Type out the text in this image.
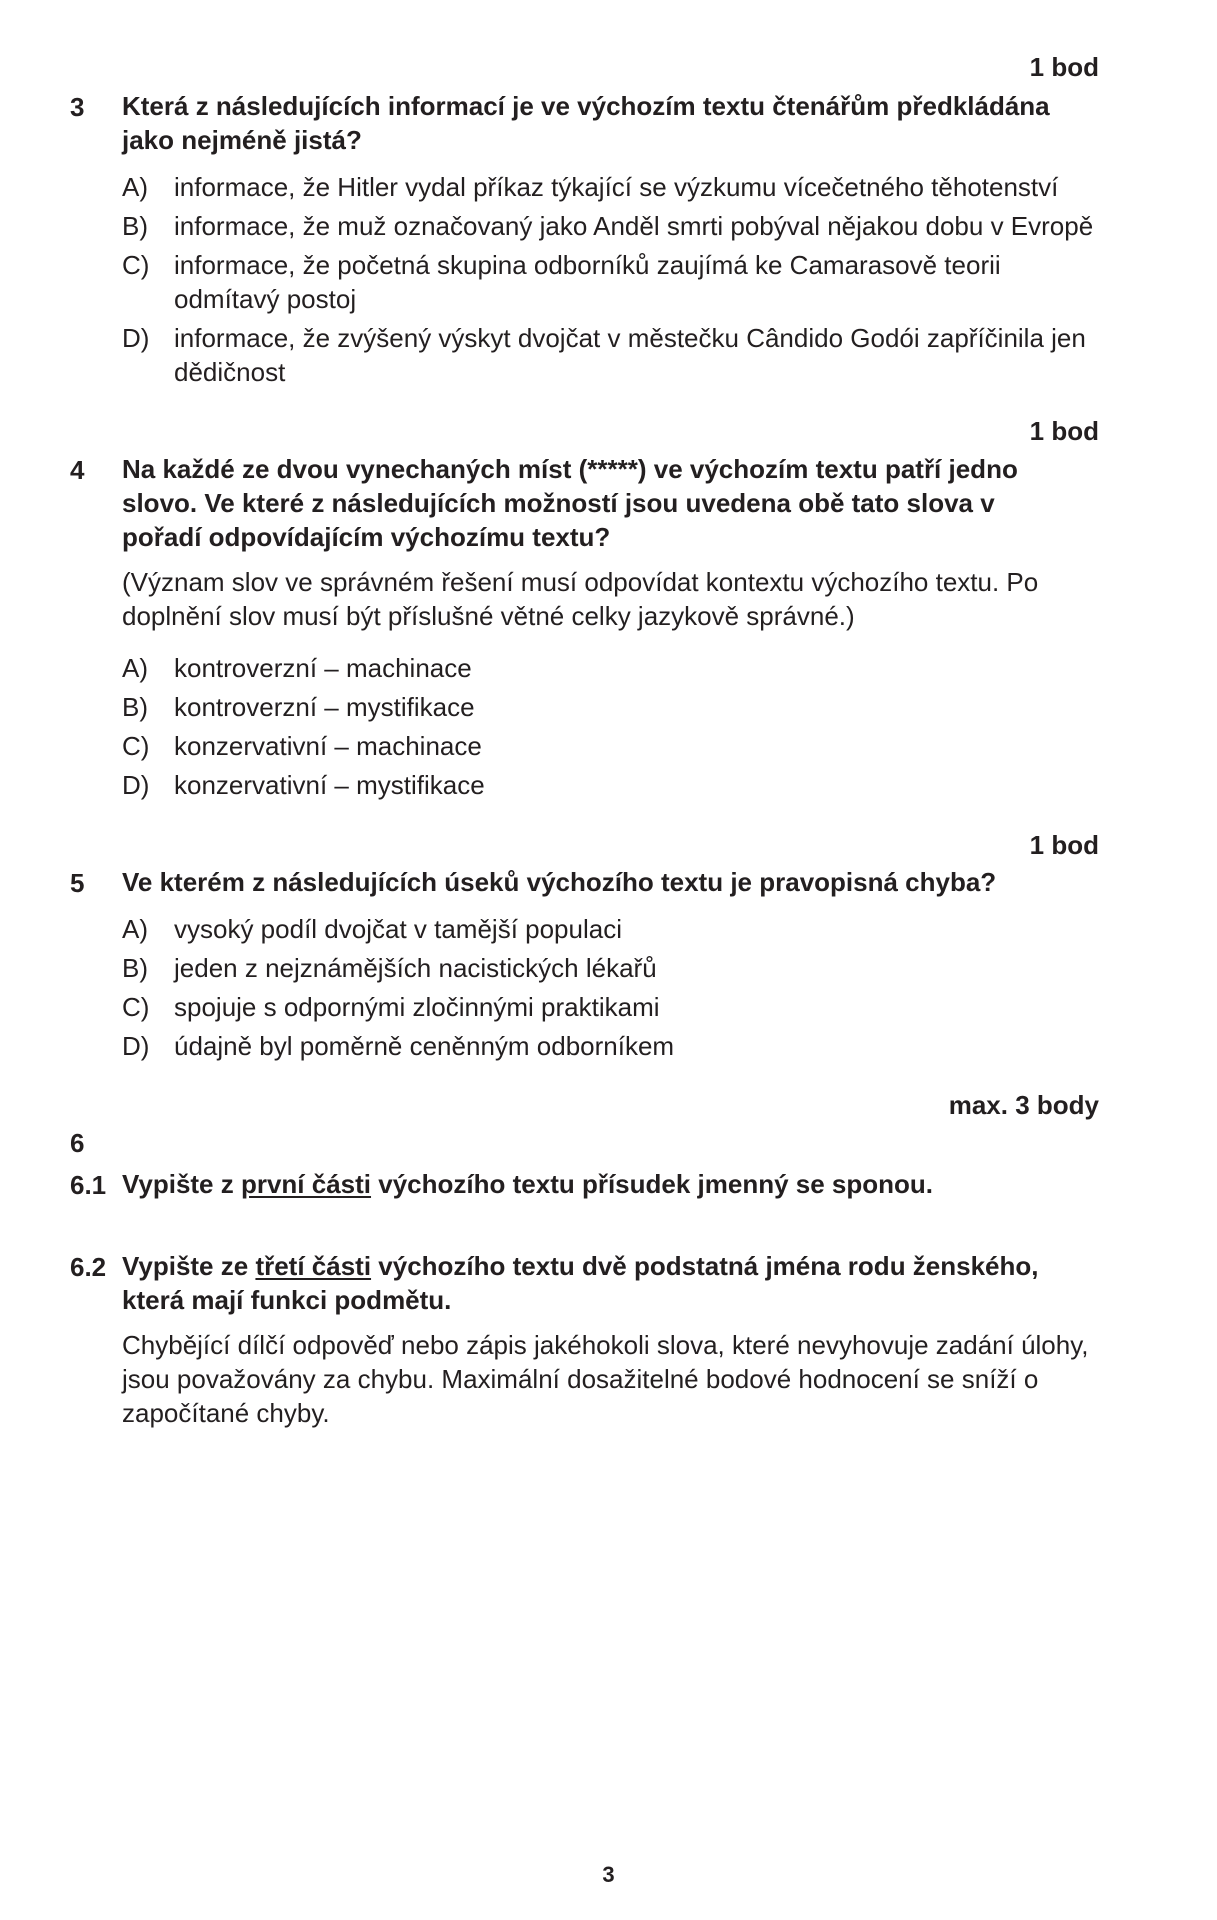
1 bod
3	Která z následujících informací je ve výchozím textu čtenářům předkládána jako nejméně jistá?
A)	informace, že Hitler vydal příkaz týkající se výzkumu vícečetného těhotenství
B)	informace, že muž označovaný jako Anděl smrti pobýval nějakou dobu v Evropě
C) informace, že početná skupina odborníků zaujímá ke Camarasově teorii odmítavý postoj
D) informace, že zvýšený výskyt dvojčat v městečku Cândido Godói zapříčinila jen dědičnost
1 bod
4	Na každé ze dvou vynechaných míst (*****) ve výchozím textu patří jedno slovo. Ve které z následujících možností jsou uvedena obě tato slova v pořadí odpovídajícím výchozímu textu?
(Význam slov ve správném řešení musí odpovídat kontextu výchozího textu. Po doplnění slov musí být příslušné větné celky jazykově správné.)
A)	kontroverzní – machinace
B)	kontroverzní – mystifikace
C) konzervativní – machinace
D) konzervativní – mystifikace
1 bod
5	Ve kterém z následujících úseků výchozího textu je pravopisná chyba?
A)	vysoký podíl dvojčat v tamější populaci
B)	jeden z nejznámějších nacistických lékařů
C) spojuje s odpornými zločinnými praktikami
D) údajně byl poměrně ceněnným odborníkem
max. 3 body
6
6.1 Vypište z první části výchozího textu přísudek jmenný se sponou.
6.2 Vypište ze třetí části výchozího textu dvě podstatná jména rodu ženského, která mají funkci podmětu.
Chybějící dílčí odpověď nebo zápis jakéhokoli slova, které nevyhovuje zadání úlohy, jsou považovány za chybu. Maximální dosažitelné bodové hodnocení se sníží o započítané chyby.
3
